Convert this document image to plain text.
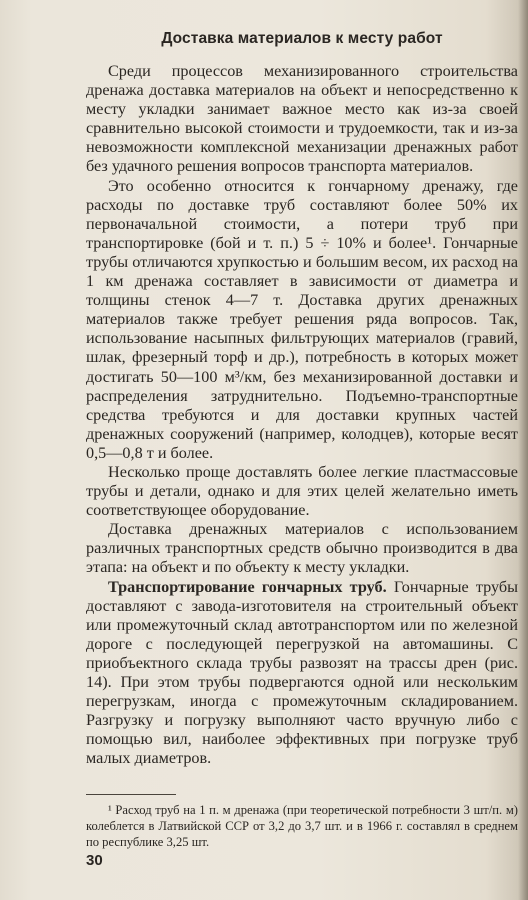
Доставка материалов к месту работ

Среди процессов механизированного строительства дренажа доставка материалов на объект и непосредственно к месту укладки занимает важное место как из-за своей сравнительно высокой стоимости и трудоемкости, так и из-за невозможности комплексной механизации дренажных работ без удачного решения вопросов транспорта материалов.

Это особенно относится к гончарному дренажу, где расходы по доставке труб составляют более 50% их первоначальной стоимости, а потери труб при транспортировке (бой и т. п.) 5 ÷ 10% и более¹. Гончарные трубы отличаются хрупкостью и большим весом, их расход на 1 км дренажа составляет в зависимости от диаметра и толщины стенок 4—7 т. Доставка других дренажных материалов также требует решения ряда вопросов. Так, использование насыпных фильтрующих материалов (гравий, шлак, фрезерный торф и др.), потребность в которых может достигать 50—100 м³/км, без механизированной доставки и распределения затруднительно. Подъемно-транспортные средства требуются и для доставки крупных частей дренажных сооружений (например, колодцев), которые весят 0,5—0,8 т и более.

Несколько проще доставлять более легкие пластмассовые трубы и детали, однако и для этих целей желательно иметь соответствующее оборудование.

Доставка дренажных материалов с использованием различных транспортных средств обычно производится в два этапа: на объект и по объекту к месту укладки.

Транспортирование гончарных труб. Гончарные трубы доставляют с завода-изготовителя на строительный объект или промежуточный склад автотранспортом или по железной дороге с последующей перегрузкой на автомашины. С приобъектного склада трубы развозят на трассы дрен (рис. 14). При этом трубы подвергаются одной или нескольким перегрузкам, иногда с промежуточным складированием. Разгрузку и погрузку выполняют часто вручную либо с помощью вил, наиболее эффективных при погрузке труб малых диаметров.

¹ Расход труб на 1 п. м дренажа (при теоретической потребности 3 шт/п. м) колеблется в Латвийской ССР от 3,2 до 3,7 шт. и в 1966 г. составлял в среднем по республике 3,25 шт.

30
